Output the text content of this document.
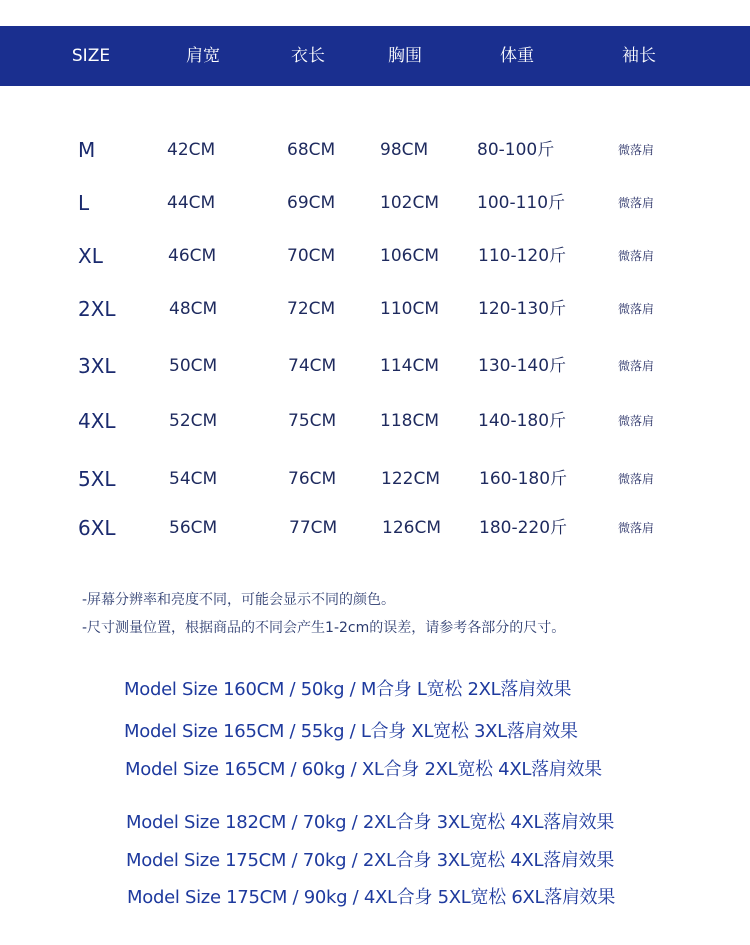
SIZE	肩宽	衣长	胸围	体重	袖长
M	42CM	68CM	98CM	80-100斤	微落肩
L	44CM	69CM	102CM 100-110斤	微落肩
XL	46CM	70CM	106CM 110-120斤	微落肩
2XL	48CM	72CM	110CM 120-130斤	微落肩
3XL	50CM	74CM	114CM 130-140斤	微落肩
4XL	52CM	75CM	118CM 140-180斤	微落肩
5XL	54CM	76CM	122CM 160-180斤	微落肩
6XL	56CM	77CM	126CM 180-220斤	微落肩
-屏幕分辨率和亮度不同，可能会显示不同的颜色。
-尺寸测量位置，根据商品的不同会产生1-2cm的误差，请参考各部分的尺寸。
Model Size 160CM / 50kg / M合身 L宽松 2XL落肩效果
Model Size 165CM / 55kg / L合身 XL宽松 3XL落肩效果
Model Size 165CM / 60kg / XL合身 2XL宽松 4XL落肩效果
Model Size 182CM / 70kg / 2XL合身 3XL宽松 4XL落肩效果
Model Size 175CM / 70kg / 2XL合身 3XL宽松 4XL落肩效果
Model Size 175CM / 90kg / 4XL合身 5XL宽松 6XL落肩效果
